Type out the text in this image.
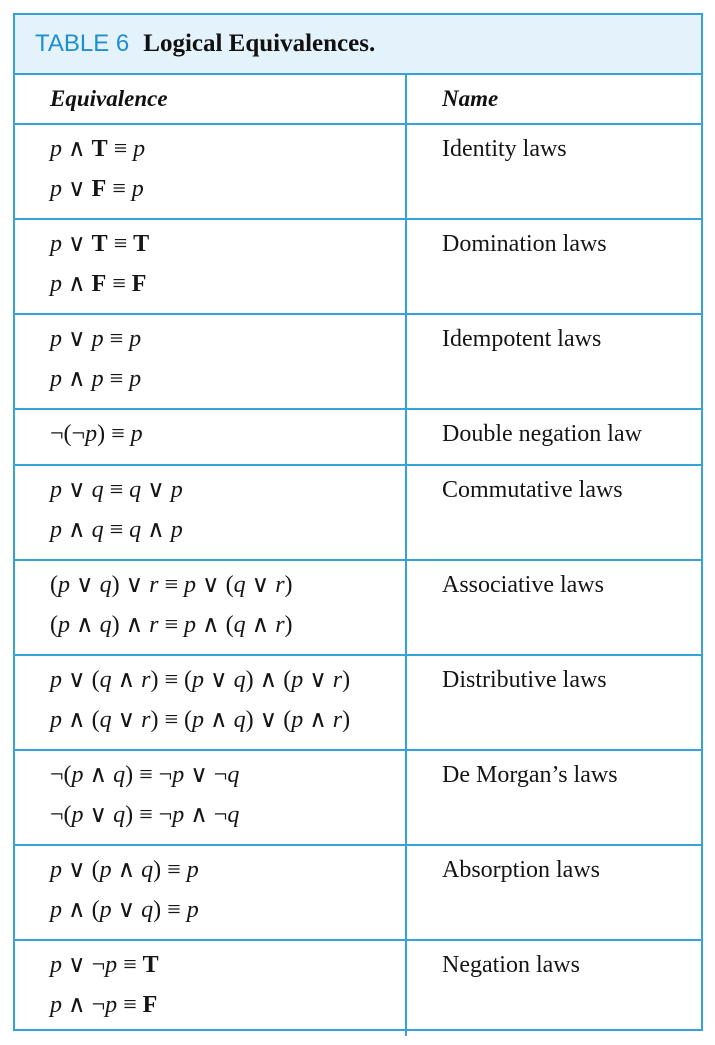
TABLE 6 Logical Equivalences.
Equivalence	Name
p ∧ T ≡ p
p ∨ F ≡ p
Identity laws
p ∨ T ≡ T
p ∧ F ≡ F
Domination laws
p ∨ p ≡ p
p ∧ p ≡ p
Idempotent laws
¬(¬p) ≡ p	Double negation law
p ∨ q ≡ q ∨ p
p ∧ q ≡ q ∧ p
Commutative laws
(p ∨ q) ∨ r ≡ p ∨ (q ∨ r)
(p ∧ q) ∧ r ≡ p ∧ (q ∧ r)
Associative laws
p ∨ (q ∧ r) ≡ (p ∨ q) ∧ (p ∨ r)
p ∧ (q ∨ r) ≡ (p ∧ q) ∨ (p ∧ r)
Distributive laws
¬(p ∧ q) ≡ ¬p ∨ ¬q
¬(p ∨ q) ≡ ¬p ∧ ¬q
De Morgan’s laws
p ∨ (p ∧ q) ≡ p
p ∧ (p ∨ q) ≡ p
Absorption laws
p ∨ ¬p ≡ T
p ∧ ¬p ≡ F
Negation laws
